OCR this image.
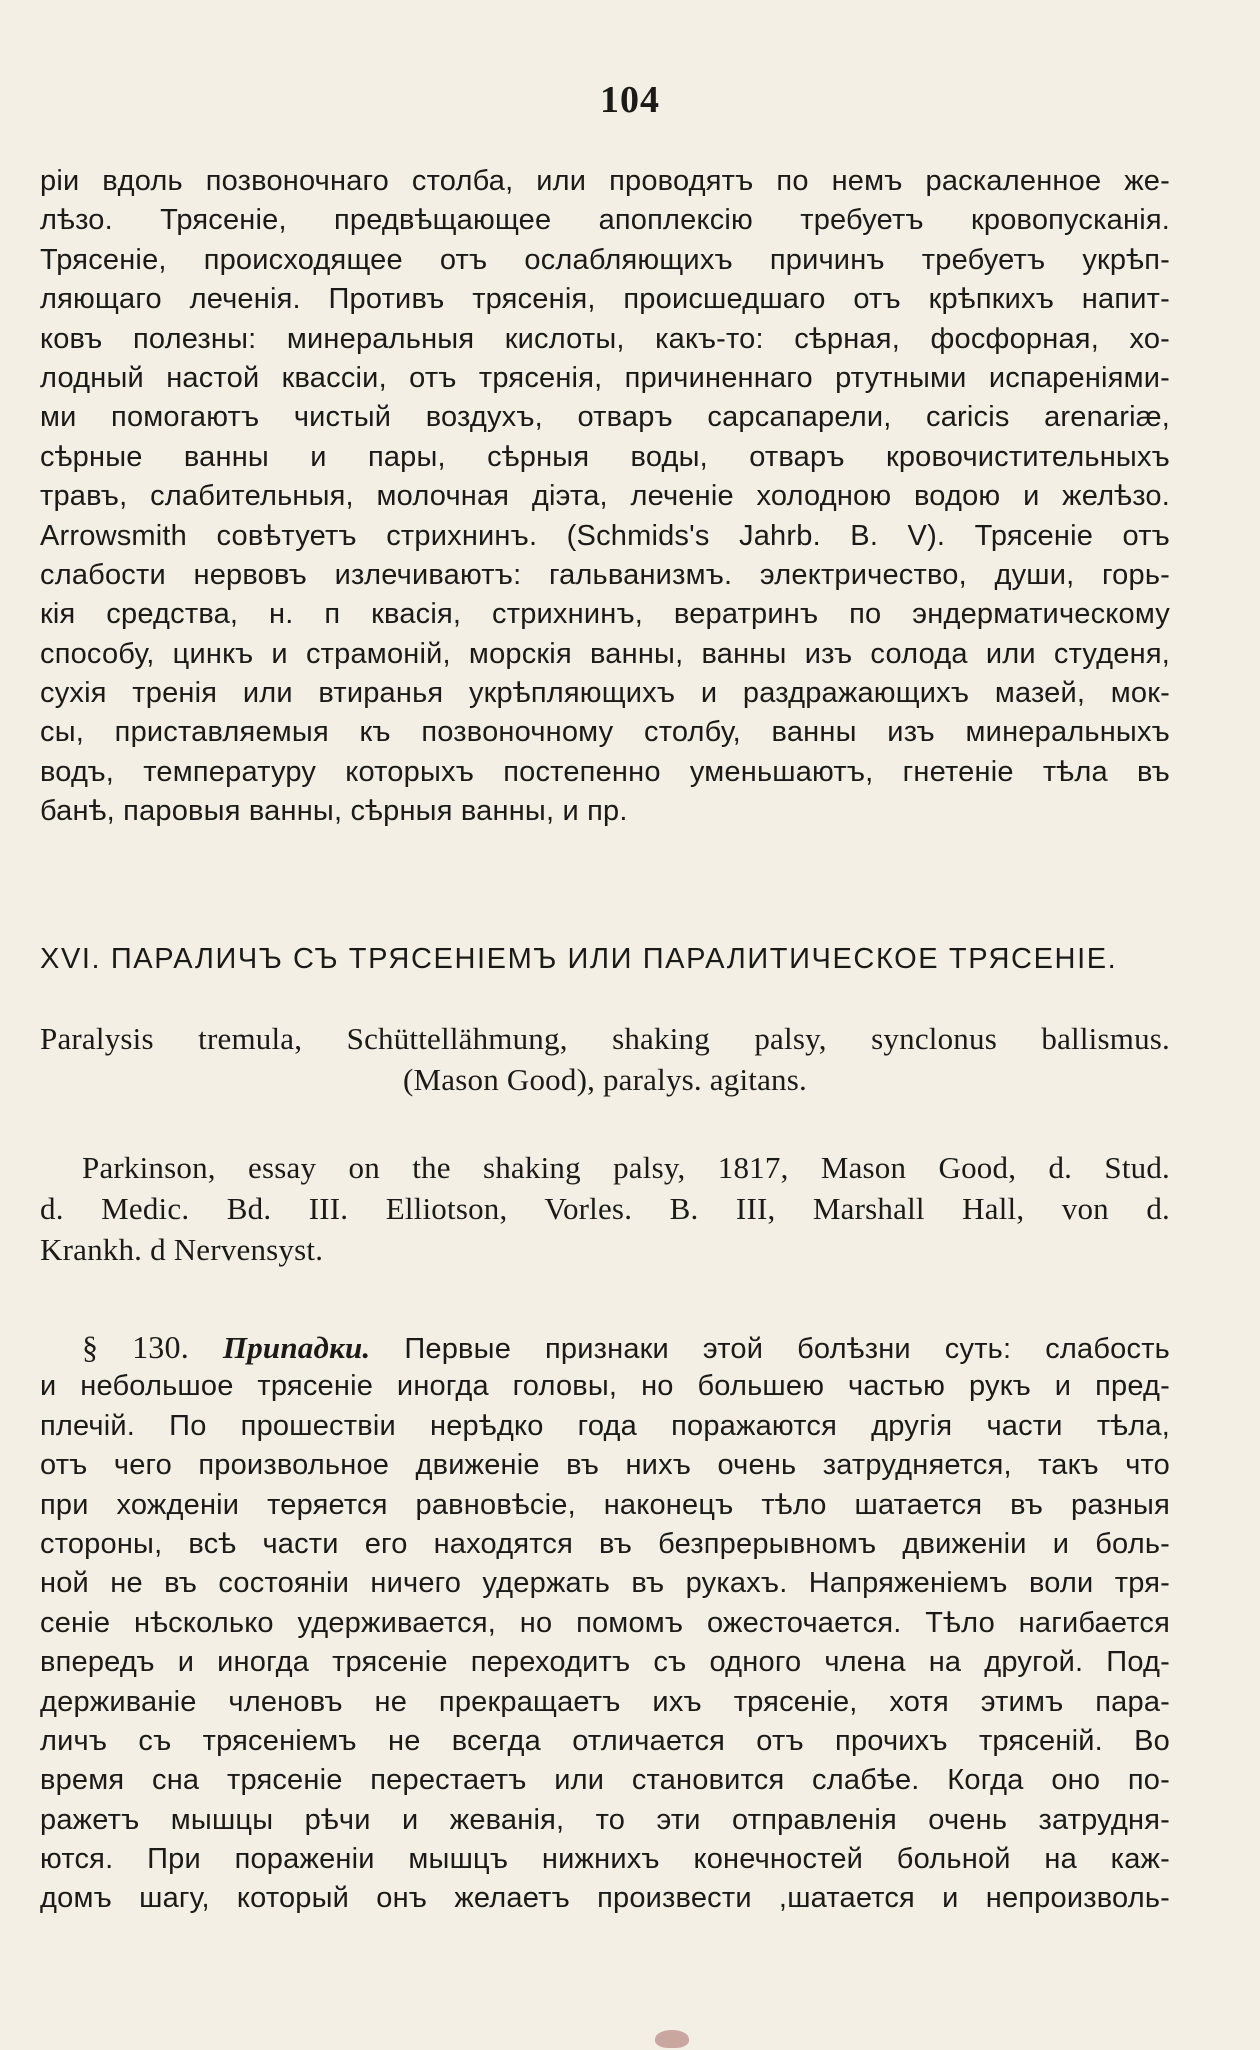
104
ріи вдоль позвоночнаго столба, или проводятъ по немъ раскаленное же-
лѣзо. Трясеніе, предвѣщающее апоплексію требуетъ кровопусканія.
Трясеніе, происходящее отъ ослабляющихъ причинъ требуетъ укрѣп-
ляющаго леченія. Противъ трясенія, происшедшаго отъ крѣпкихъ напит-
ковъ полезны: минеральныя кислоты, какъ-то: сѣрная, фосфорная, хо-
лодный настой квассіи, отъ трясенія, причиненнаго ртутными испареніями-
ми помогаютъ чистый воздухъ, отваръ сарсапарели, caricis arenariæ,
сѣрные ванны и пары, сѣрныя воды, отваръ кровочистительныхъ
травъ, слабительныя, молочная діэта, леченіе холодною водою и желѣзо.
Arrowsmith совѣтуетъ стрихнинъ. (Schmids's Jahrb. B. V). Трясеніе отъ
слабости нервовъ излечиваютъ: гальванизмъ. электричество, души, горь-
кія средства, н. п квасія, стрихнинъ, вератринъ по эндерматическому
способу, цинкъ и страмоній, морскія ванны, ванны изъ солода или студеня,
сухія тренія или втиранья укрѣпляющихъ и раздражающихъ мазей, мок-
сы, приставляемыя къ позвоночному столбу, ванны изъ минеральныхъ
водъ, температуру которыхъ постепенно уменьшаютъ, гнетеніе тѣла въ
банѣ, паровыя ванны, сѣрныя ванны, и пр.
XVI. ПАРАЛИЧЪ СЪ ТРЯСЕНІЕМЪ ИЛИ ПАРАЛИТИЧЕСКОЕ ТРЯСЕНІЕ.
Paralysis tremula, Schüttellähmung, shaking palsy, synclonus ballismus.
(Mason Good), paralys. agitans.
Parkinson, essay on the shaking palsy, 1817, Mason Good, d. Stud.
d. Medic. Bd. III. Elliotson, Vorles. B. III, Marshall Hall, von d.
Krankh. d Nervensyst.
§ 130. Припадки. Первые признаки этой болѣзни суть: слабость
и небольшое трясеніе иногда головы, но большею частью рукъ и пред-
плечій. По прошествіи нерѣдко года поражаются другія части тѣла,
отъ чего произвольное движеніе въ нихъ очень затрудняется, такъ что
при хожденіи теряется равновѣсіе, наконецъ тѣло шатается въ разныя
стороны, всѣ части его находятся въ безпрерывномъ движеніи и боль-
ной не въ состояніи ничего удержать въ рукахъ. Напряженіемъ воли тря-
сеніе нѣсколько удерживается, но помомъ ожесточается. Тѣло нагибается
впередъ и иногда трясеніе переходитъ съ одного члена на другой. Под-
держиваніе членовъ не прекращаетъ ихъ трясеніе, хотя этимъ пара-
личъ съ трясеніемъ не всегда отличается отъ прочихъ трясеній. Во
время сна трясеніе перестаетъ или становится слабѣе. Когда оно по-
ражетъ мышцы рѣчи и жеванія, то эти отправленія очень затрудня-
ются. При пораженіи мышцъ нижнихъ конечностей больной на каж-
домъ шагу, который онъ желаетъ произвести ,шатается и непроизволь-
